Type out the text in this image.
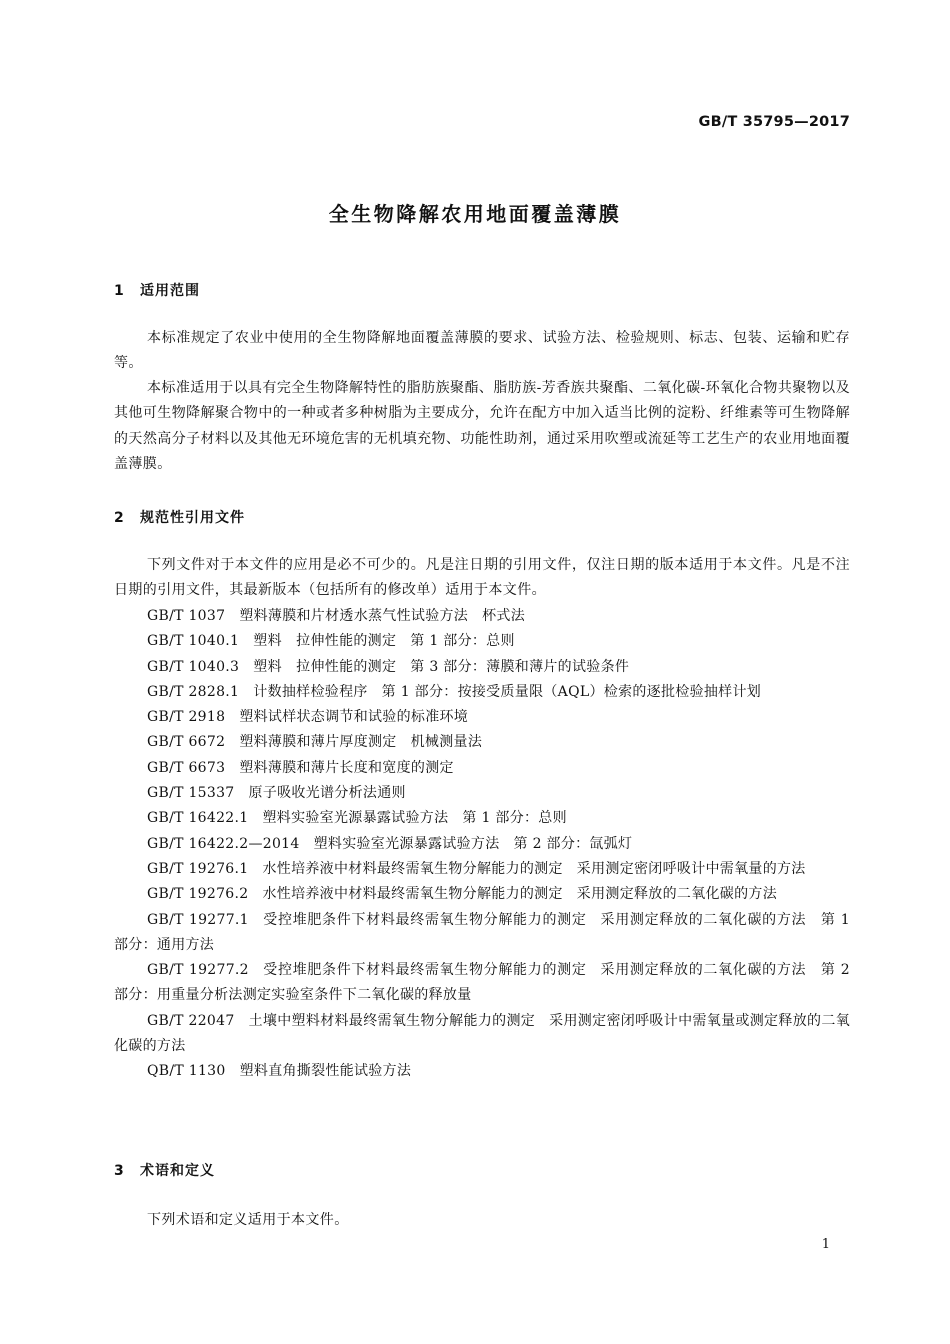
GB/T 35795—2017
全生物降解农用地面覆盖薄膜
1 适用范围
本标准规定了农业中使用的全生物降解地面覆盖薄膜的要求、试验方法、检验规则、标志、包装、运输和贮存等。
本标准适用于以具有完全生物降解特性的脂肪族聚酯、脂肪族-芳香族共聚酯、二氧化碳-环氧化合物共聚物以及其他可生物降解聚合物中的一种或者多种树脂为主要成分，允许在配方中加入适当比例的淀粉、纤维素等可生物降解的天然高分子材料以及其他无环境危害的无机填充物、功能性助剂，通过采用吹塑或流延等工艺生产的农业用地面覆盖薄膜。
2 规范性引用文件
下列文件对于本文件的应用是必不可少的。凡是注日期的引用文件，仅注日期的版本适用于本文件。凡是不注日期的引用文件，其最新版本（包括所有的修改单）适用于本文件。
GB/T 1037 塑料薄膜和片材透水蒸气性试验方法 杯式法
GB/T 1040.1 塑料　拉伸性能的测定 第 1 部分：总则
GB/T 1040.3 塑料　拉伸性能的测定 第 3 部分：薄膜和薄片的试验条件
GB/T 2828.1 计数抽样检验程序 第 1 部分：按接受质量限（AQL）检索的逐批检验抽样计划
GB/T 2918 塑料试样状态调节和试验的标准环境
GB/T 6672 塑料薄膜和薄片厚度测定 机械测量法
GB/T 6673 塑料薄膜和薄片长度和宽度的测定
GB/T 15337 原子吸收光谱分析法通则
GB/T 16422.1 塑料实验室光源暴露试验方法 第 1 部分：总则
GB/T 16422.2—2014 塑料实验室光源暴露试验方法 第 2 部分：氙弧灯
GB/T 19276.1 水性培养液中材料最终需氧生物分解能力的测定 采用测定密闭呼吸计中需氧量的方法
GB/T 19276.2 水性培养液中材料最终需氧生物分解能力的测定 采用测定释放的二氧化碳的方法
GB/T 19277.1 受控堆肥条件下材料最终需氧生物分解能力的测定 采用测定释放的二氧化碳的方法　第 1 部分：通用方法
GB/T 19277.2 受控堆肥条件下材料最终需氧生物分解能力的测定 采用测定释放的二氧化碳的方法　第 2 部分：用重量分析法测定实验室条件下二氧化碳的释放量
GB/T 22047 土壤中塑料材料最终需氧生物分解能力的测定 采用测定密闭呼吸计中需氧量或测定释放的二氧化碳的方法
QB/T 1130 塑料直角撕裂性能试验方法
3 术语和定义
下列术语和定义适用于本文件。
1
